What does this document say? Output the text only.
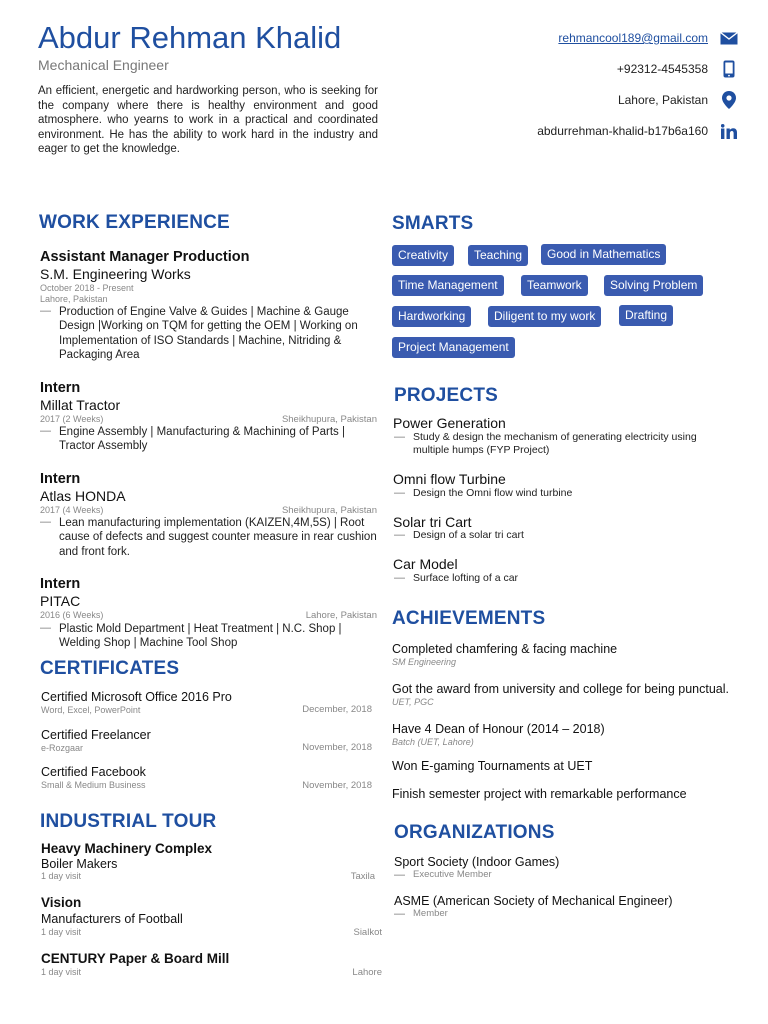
Abdur Rehman Khalid
Mechanical Engineer

An efficient, energetic and hardworking person, who is seeking for the company where there is healthy environment and good atmosphere. who yearns to work in a practical and coordinated environment. He has the ability to work hard in the industry and eager to get the knowledge.

rehmancool189@gmail.com
+92312-4545358
Lahore, Pakistan
abdurrehman-khalid-b17b6a160
WORK EXPERIENCE
Assistant Manager Production
S.M. Engineering Works
October 2018 - Present
Lahore, Pakistan
— Production of Engine Valve & Guides | Machine & Gauge Design |Working on TQM for getting the OEM | Working on Implementation of ISO Standards | Machine, Nitriding & Packaging Area
Intern
Millat Tractor
2017 (2 Weeks)	Sheikhupura, Pakistan
— Engine Assembly | Manufacturing & Machining of Parts | Tractor Assembly
Intern
Atlas HONDA
2017 (4 Weeks)	Sheikhupura, Pakistan
— Lean manufacturing implementation (KAIZEN,4M,5S) | Root cause of defects and suggest counter measure in rear cushion and front fork.
Intern
PITAC
2016 (6 Weeks)	Lahore, Pakistan
— Plastic Mold Department | Heat Treatment | N.C. Shop | Welding Shop | Machine Tool Shop
CERTIFICATES
Certified Microsoft Office 2016 Pro
Word, Excel, PowerPoint	December, 2018
Certified Freelancer
e-Rozgaar	November, 2018
Certified Facebook
Small & Medium Business	November, 2018
INDUSTRIAL TOUR
Heavy Machinery Complex
Boiler Makers
1 day visit	Taxila
Vision
Manufacturers of Football
1 day visit	Sialkot
CENTURY Paper & Board Mill
1 day visit	Lahore
SMARTS
Creativity	Teaching	Good in Mathematics
Time Management	Teamwork	Solving Problem
Hardworking	Diligent to my work	Drafting
Project Management
PROJECTS
Power Generation
— Study & design the mechanism of generating electricity using multiple humps (FYP Project)
Omni flow Turbine
— Design the Omni flow wind turbine
Solar tri Cart
— Design of a solar tri cart
Car Model
— Surface lofting of a car
ACHIEVEMENTS
Completed chamfering & facing machine
SM Engineering
Got the award from university and college for being punctual.
UET, PGC
Have 4 Dean of Honour (2014 – 2018)
Batch (UET, Lahore)
Won E-gaming Tournaments at UET
Finish semester project with remarkable performance
ORGANIZATIONS
Sport Society (Indoor Games)
— Executive Member
ASME (American Society of Mechanical Engineer)
— Member
